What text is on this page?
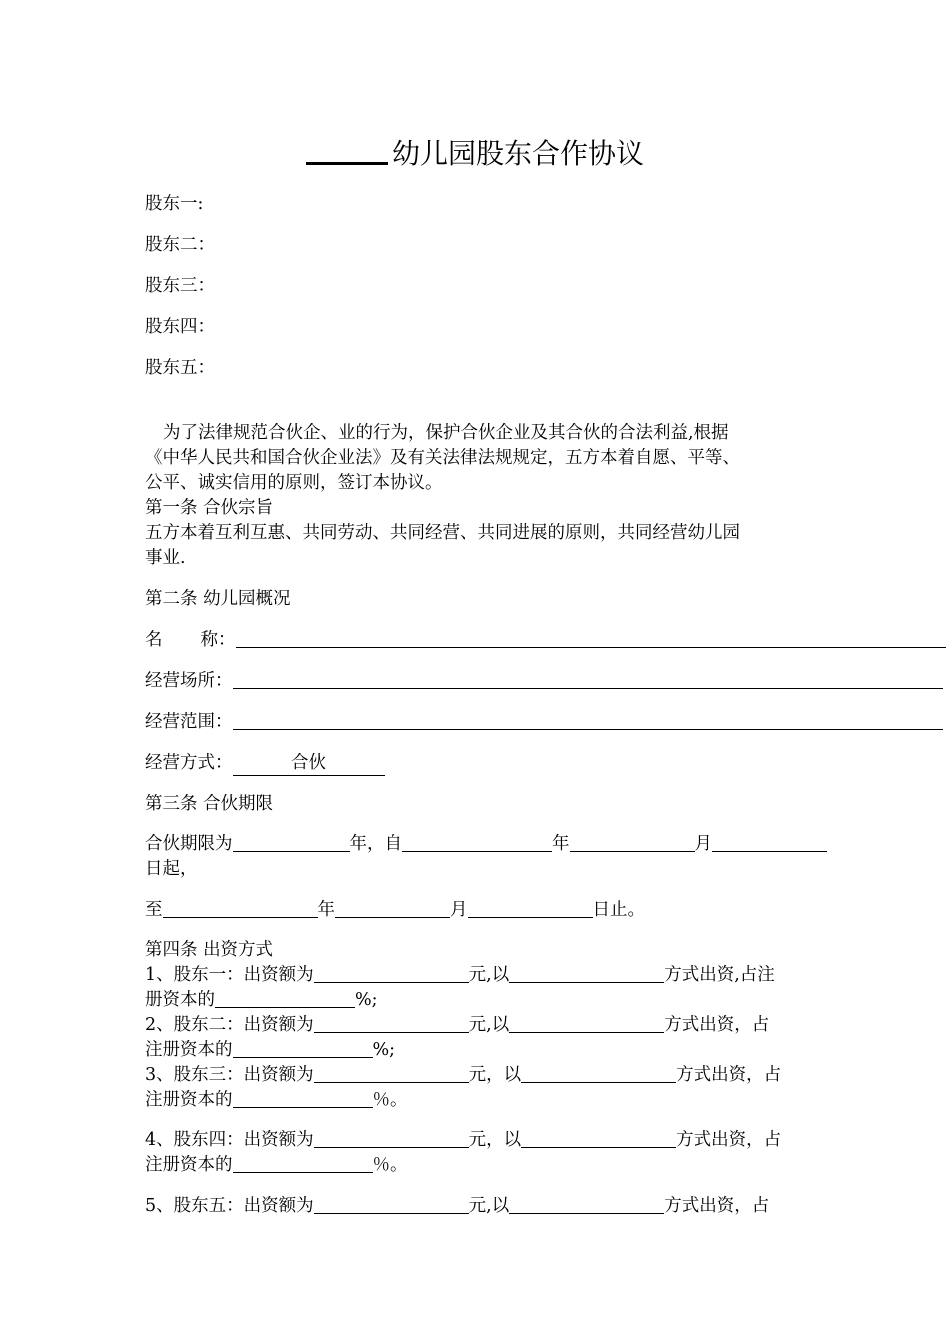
幼儿园股东合作协议
股东一:
股东二：
股东三：
股东四：
股东五：
为了法律规范合伙企、业的行为，保护合伙企业及其合伙的合法利益,根据
《中华人民共和国合伙企业法》及有关法律法规规定，五方本着自愿、平等、
公平、诚实信用的原则，签订本协议。
第一条 合伙宗旨
五方本着互利互惠、共同劳动、共同经营、共同进展的原则，共同经营幼儿园
事业.
第二条 幼儿园概况
名 称：
经营场所：
经营范围：
经营方式：	合伙
第三条 合伙期限
合伙期限为	年，自	年	月
日起，
至	年	月	日止。
第四条 出资方式
1、股东一：出资额为	元,以	方式出资,占注
册资本的	%;
2、股东二：出资额为	元,以	方式出资，占
注册资本的	%;
3、股东三：出资额为	元，以	方式出资，占
注册资本的	％。
4、股东四：出资额为	元，以	方式出资，占
注册资本的	％。
5、股东五：出资额为	元,以	方式出资，占
